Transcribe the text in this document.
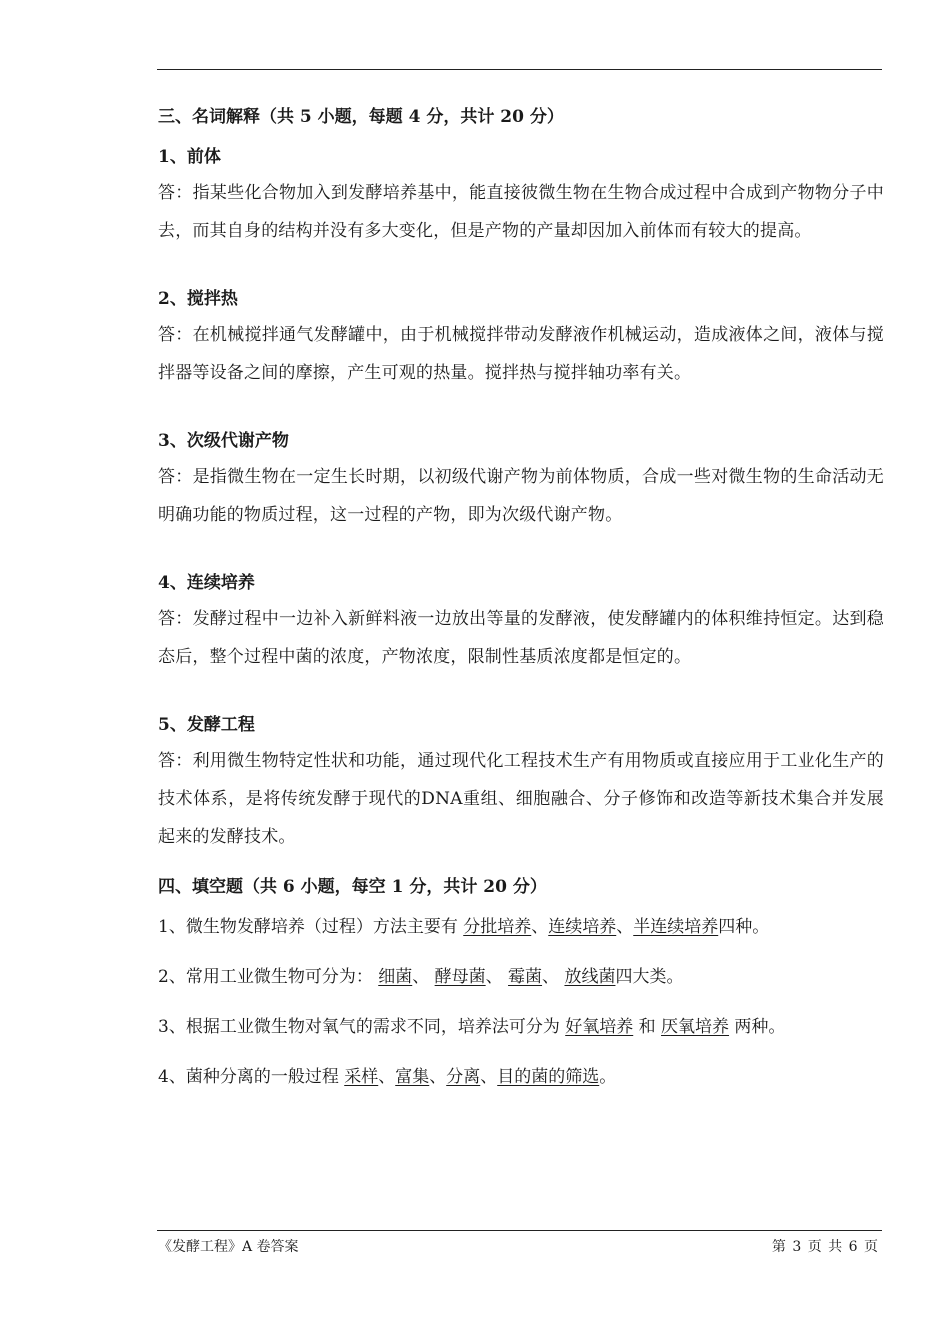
三、名词解释（共 5 小题，每题 4 分，共计 20 分）
1、前体

答：指某些化合物加入到发酵培养基中，能直接彼微生物在生物合成过程中合成到产物物分子中去，而其自身的结构并没有多大变化，但是产物的产量却因加入前体而有较大的提高。

2、搅拌热

答：在机械搅拌通气发酵罐中，由于机械搅拌带动发酵液作机械运动，造成液体之间，液体与搅拌器等设备之间的摩擦，产生可观的热量。搅拌热与搅拌轴功率有关。

3、次级代谢产物

答：是指微生物在一定生长时期，以初级代谢产物为前体物质，合成一些对微生物的生命活动无明确功能的物质过程，这一过程的产物，即为次级代谢产物。

4、连续培养

答：发酵过程中一边补入新鲜料液一边放出等量的发酵液，使发酵罐内的体积维持恒定。达到稳态后，整个过程中菌的浓度，产物浓度，限制性基质浓度都是恒定的。

5、发酵工程

答：利用微生物特定性状和功能，通过现代化工程技术生产有用物质或直接应用于工业化生产的技术体系，是将传统发酵于现代的DNA重组、细胞融合、分子修饰和改造等新技术集合并发展起来的发酵技术。

四、填空题（共 6 小题，每空 1 分，共计 20 分）
1、微生物发酵培养（过程）方法主要有 分批培养、连续培养、半连续培养四种。
2、常用工业微生物可分为： 细菌、 酵母菌、 霉菌、 放线菌四大类。
3、根据工业微生物对氧气的需求不同，培养法可分为 好氧培养 和 厌氧培养 两种。
4、菌种分离的一般过程 采样、富集、分离、目的菌的筛选。
《发酵工程》A 卷答案	第 3 页 共 6 页
